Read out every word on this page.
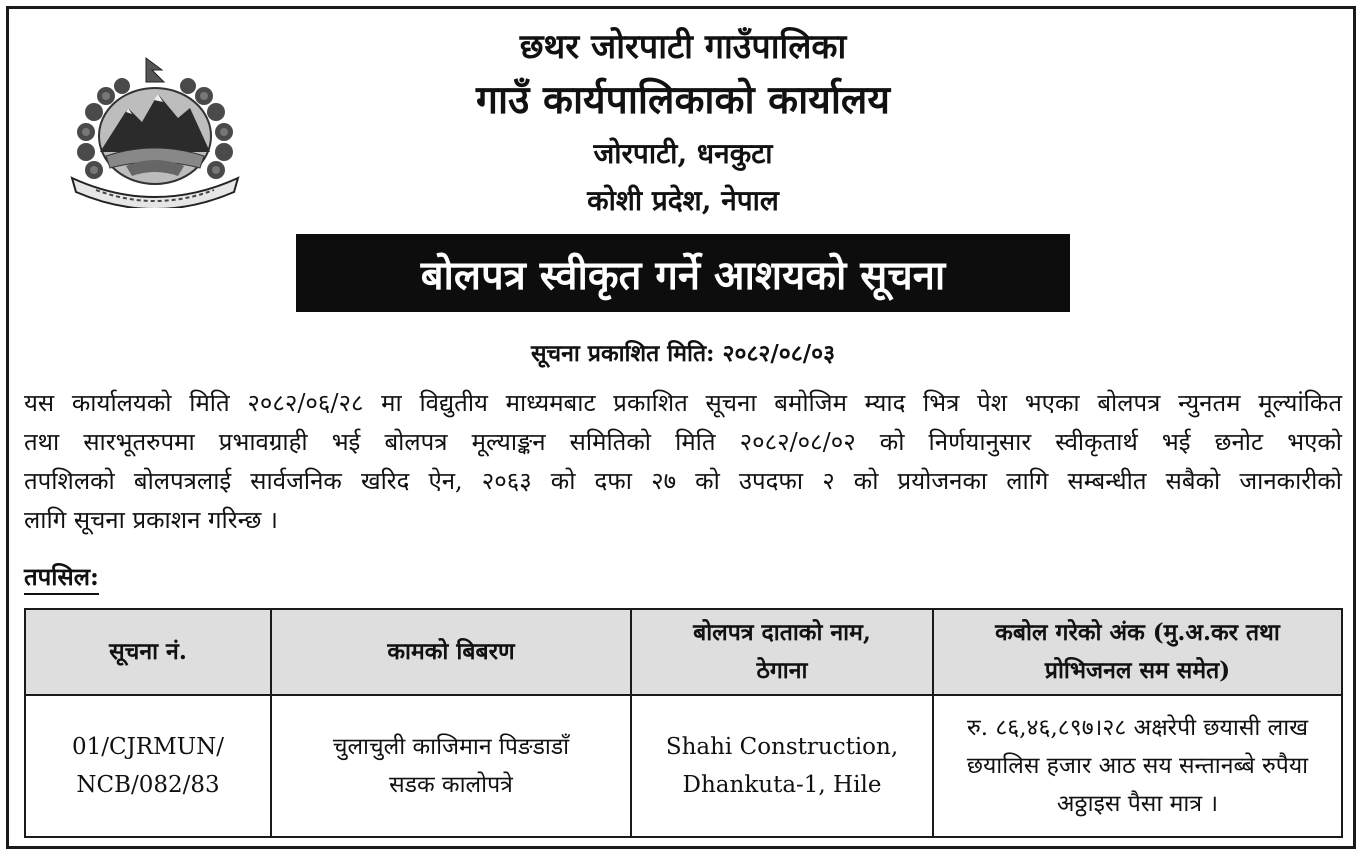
छथर जोरपाटी गाउँपालिका
गाउँ कार्यपालिकाको कार्यालय
जोरपाटी, धनकुटा
कोशी प्रदेश, नेपाल
बोलपत्र स्वीकृत गर्ने आशयको सूचना
सूचना प्रकाशित मिति: २०८२/०८/०३
यस कार्यालयको मिति २०८२/०६/२८ मा विद्युतीय माध्यमबाट प्रकाशित सूचना बमोजिम म्याद भित्र पेश भएका बोलपत्र न्युनतम मूल्यांकित
तथा सारभूतरुपमा प्रभावग्राही भई बोलपत्र मूल्याङ्कन समितिको मिति २०८२/०८/०२ को निर्णयानुसार स्वीकृतार्थ भई छनोट भएको
तपशिलको बोलपत्रलाई सार्वजनिक खरिद ऐन, २०६३ को दफा २७ को उपदफा २ को प्रयोजनका लागि सम्बन्धीत सबैको जानकारीको
लागि सूचना प्रकाशन गरिन्छ ।
तपसिल:
सूचना नं.	कामको बिबरण	बोलपत्र दाताको नाम, ठेगाना	कबोल गरेको अंक (मु.अ.कर तथा प्रोभिजनल सम समेत)
01/CJRMUN/ NCB/082/83	चुलाचुली काजिमान पिङडाडाँ सडक कालोपत्रे	Shahi Construction, Dhankuta-1, Hile	रु. ८६,४६,८९७।२८ अक्षरेपी छयासी लाख छयालिस हजार आठ सय सन्तानब्बे रुपैया अठ्ठाइस पैसा मात्र ।
